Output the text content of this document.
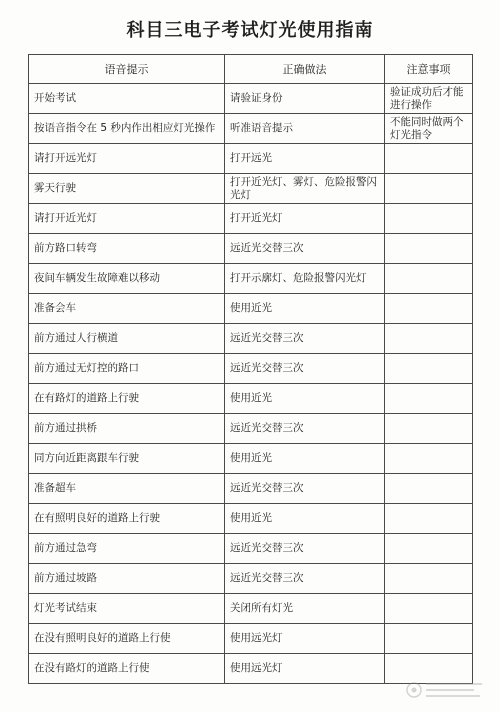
科目三电子考试灯光使用指南
语音提示	正确做法	注意事项
开始考试	请验证身份	验证成功后才能进行操作
按语音指令在 5 秒内作出相应灯光操作	听准语音提示	不能同时做两个灯光指令
请打开远光灯	打开远光	
雾天行驶	打开近光灯、雾灯、危险报警闪光灯	
请打开近光灯	打开近光灯	
前方路口转弯	远近光交替三次	
夜间车辆发生故障难以移动	打开示廓灯、危险报警闪光灯	
准备会车	使用近光	
前方通过人行横道	远近光交替三次	
前方通过无灯控的路口	远近光交替三次	
在有路灯的道路上行驶	使用近光	
前方通过拱桥	远近光交替三次	
同方向近距离跟车行驶	使用近光	
准备超车	远近光交替三次	
在有照明良好的道路上行驶	使用近光	
前方通过急弯	远近光交替三次	
前方通过坡路	远近光交替三次	
灯光考试结束	关闭所有灯光	
在没有照明良好的道路上行使	使用远光灯	
在没有路灯的道路上行使	使用远光灯	
